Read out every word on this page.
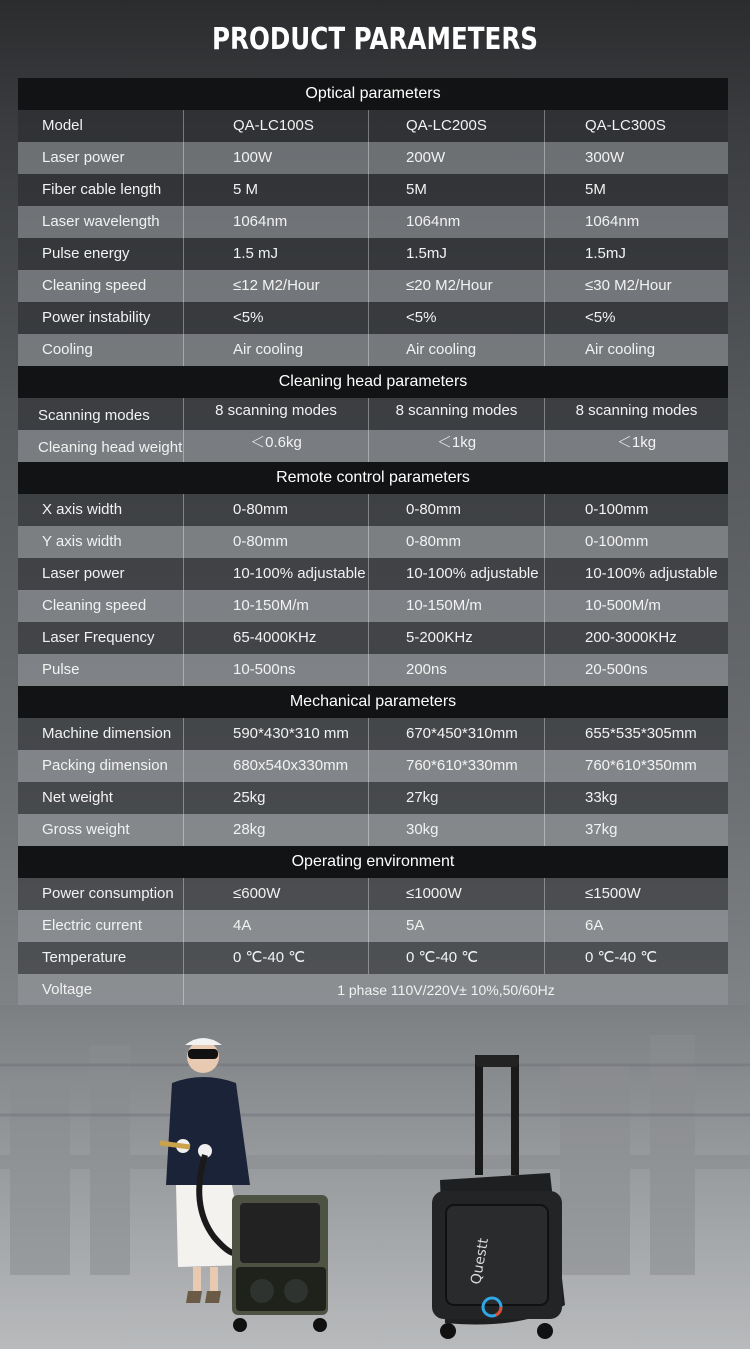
PRODUCT PARAMETERS
Optical parameters
Model	QA-LC100S	QA-LC200S	QA-LC300S
Laser power	100W	200W	300W
Fiber cable length	5 M	5M	5M
Laser wavelength	1064nm	1064nm	1064nm
Pulse energy	1.5 mJ	1.5mJ	1.5mJ
Cleaning speed	≤12 M2/Hour	≤20 M2/Hour	≤30 M2/Hour
Power instability	<5%	<5%	<5%
Cooling	Air cooling	Air cooling	Air cooling
Cleaning head parameters
Scanning modes	8 scanning modes	8 scanning modes	8 scanning modes
Cleaning head weight	＜0.6kg	＜1kg	＜1kg
Remote control parameters
X axis width	0-80mm	0-80mm	0-100mm
Y axis width	0-80mm	0-80mm	0-100mm
Laser power	10-100% adjustable	10-100% adjustable	10-100% adjustable
Cleaning speed	10-150M/m	10-150M/m	10-500M/m
Laser Frequency	65-4000KHz	5-200KHz	200-3000KHz
Pulse	10-500ns	200ns	20-500ns
Mechanical parameters
Machine dimension	590*430*310 mm	670*450*310mm	655*535*305mm
Packing dimension	680x540x330mm	760*610*330mm	760*610*350mm
Net weight	25kg	27kg	33kg
Gross weight	28kg	30kg	37kg
Operating environment
Power consumption	≤600W	≤1000W	≤1500W
Electric current	4A	5A	6A
Temperature	0 ℃-40 ℃	0 ℃-40 ℃	0 ℃-40 ℃
Voltage	1 phase 110V/220V± 10%,50/60Hz
Questt
